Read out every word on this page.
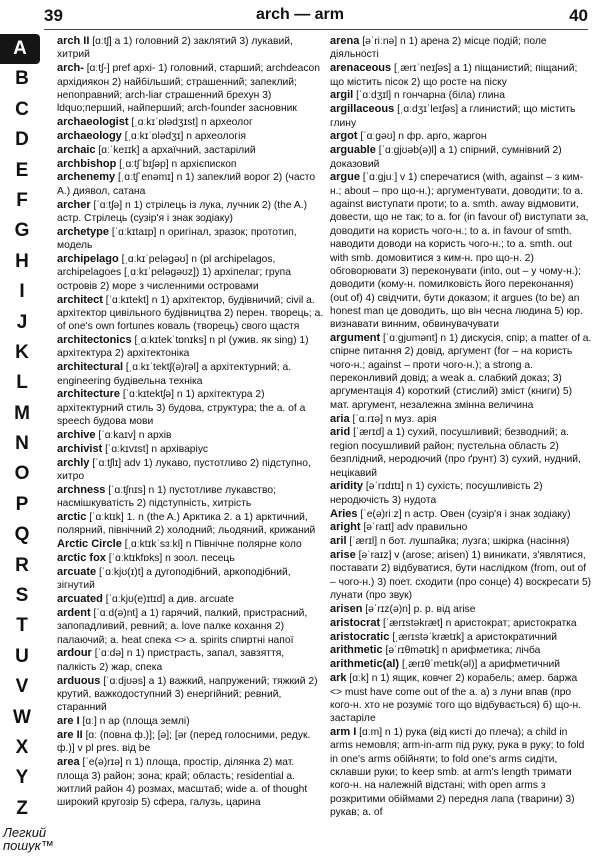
39	arch — arm	40
A
B
C
D
E
F
G
H
I
J
K
L
M
N
O
P
Q
R
S
T
U
V
W
X
Y
Z
arch II [ɑːtʃ] a 1) головний 2) заклятий 3) лукавий, хитрий
arch- [ɑːtʃ-] pref архі- 1) головний, старший; archdeacon архідиякон 2) найбільший; страшенний; запеклий; непоправний; arch-liar страшенний брехун 3) ldquo;перший, найперший; arch-founder засновник
archaeologist [ˌɑːkɪˈɒlədʒɪst] n археолог
archaeology [ˌɑːkɪˈɒlədʒɪ] n археологія
archaic [ɑːˈkeɪɪk] a архаїчний, застарілий
archbishop [ˌɑːtʃˈbɪʃəp] n архієпископ
archenemy [ˌɑːtʃˈenəmɪ] n 1) запеклий ворог 2) (часто A.) диявол, сатана
archer [ˈɑːtʃə] n 1) стрілець із лука, лучник 2) (the A.) астр. Стрілець (сузір'я і знак зодіаку)
archetype [ˈɑːkɪtaɪp] n оригінал, зразок; прототип, модель
archipelago [ˌɑːkɪˈpeləgəʊ] n (pl archipelagos, archipelagoes [ˌɑːkɪˈpeləgəʊz]) 1) архіпелаг; група островів 2) море з численними островами
architect [ˈɑːkɪtekt] n 1) архітектор, будівничий; civil a. архітектор цивільного будівництва 2) перен. творець; a. of one's own fortunes коваль (творець) свого щастя
architectonics [ˌɑːkɪtekˈtɒnɪks] n pl (ужив. як sing) 1) архітектура 2) архітектоніка
architectural [ˌɑːkɪˈtektʃ(ə)rəl] a архітектурний; a. engineering будівельна техніка
architecture [ˈɑːkɪtektʃə] n 1) архітектура 2) архітектурний стиль 3) будова, структура; the a. of a speech будова мови
archive [ˈɑːkaɪv] n архів
archivist [ˈɑːkɪvɪst] n архіваріус
archly [ˈɑːtʃlɪ] adv 1) лукаво, пустотливо 2) підступно, хитро
archness [ˈɑːtʃnɪs] n 1) пустотливе лукавство; насмішкуватість 2) підступність, хитрість
arctic [ˈɑːktɪk] 1. n (the A.) Арктика 2. a 1) арктичний, полярний, північний 2) холодний; льодяний, крижаний
Arctic Circle [ˌɑːktɪkˈsɜːkl] n Північне полярне коло
arctic fox [ˈɑːktɪkfɒks] n зоол. песець
arcuate [ˈɑːkjʊ(ɪ)t] a дугоподібний, аркоподібний, зігнутий
arcuated [ˈɑːkjʊ(e)ɪtɪd] a див. arcuate
ardent [ˈɑːd(ə)nt] a 1) гарячий, палкий, пристрасний, запопадливий, ревний; a. love палке кохання 2) палаючий; a. heat спека <> a. spirits спиртні напої
ardour [ˈɑːdə] n 1) пристрасть, запал, завзяття, палкість 2) жар, спека
arduous [ˈɑːdjʊəs] a 1) важкий, напружений; тяжкий 2) крутий, важкодоступний 3) енергійний; ревний, старанний
are I [ɑː] n ар (площа землі)
are II [ɑː (повна ф.)]; [ə]; [ər (перед голосними, редук. ф.)] v pl pres. від be
area [ˈe(ə)rɪə] n 1) площа, простір, ділянка 2) мат. площа 3) район; зона; край; область; residential a. житлий район 4) розмах, масштаб; wide a. of thought широкий кругозір 5) сфера, галузь, царина
arena [əˈriːnə] n 1) арена 2) місце подій; поле діяльності
arenaceous [ˌærɪˈneɪʃəs] a 1) піщанистий; піщаний; що містить пісок 2) що росте на піску
argil [ˈɑːdʒɪl] n гончарна (біла) глина
argillaceous [ˌɑːdʒɪˈleɪʃəs] a глинистий; що містить глину
argot [ˈɑːgəʊ] n фр. арго, жаргон
arguable [ˈɑːgjʊəb(ə)l] a 1) спірний, сумнівний 2) доказовий
argue [ˈɑːgjuː] v 1) сперечатися (with, against – з ким-н.; about – про що-н.); аргументувати, доводити; to a. against виступати проти; to a. smth. away відмовити, довести, що не так; to a. for (in favour of) виступати за, доводити на користь чого-н.; to a. in favour of smth. наводити доводи на користь чого-н.; to a. smth. out with smb. домовитися з ким-н. про що-н. 2) обговорювати 3) переконувати (into, out – у чому-н.); доводити (кому-н. помилковість його переконання) (out of) 4) свідчити, бути доказом; it argues (to be) an honest man це доводить, що він чесна людина 5) юр. визнавати винним, обвинувачувати
argument [ˈɑːgjʊmənt] n 1) дискусія, спір; a matter of a. спірне питання 2) довід, аргумент (for – на користь чого-н.; against – проти чого-н.); a strong a. переконливий довід; a weak a. слабкий доказ; 3) аргументація 4) короткий (стислий) зміст (книги) 5) мат. аргумент, незалежна змінна величина
aria [ˈɑːrɪə] n муз. арія
arid [ˈærɪd] a 1) сухий, посушливий; безводний; a. region посушливий район; пустельна область 2) безплідний, неродючий (про ґрунт) 3) сухий, нудний, нецікавий
aridity [əˈrɪdɪtɪ] n 1) сухість; посушливість 2) неродючість 3) нудота
Aries [ˈe(ə)riːz] n астр. Овен (сузір'я і знак зодіаку)
aright [əˈraɪt] adv правильно
aril [ˈærɪl] n бот. лушпайка; лузга; шкірка (насіння)
arise [əˈraɪz] v (arose; arisen) 1) виникати, з'являтися, поставати 2) відбуватися, бути наслідком (from, out of – чого-н.) 3) поет. сходити (про сонце) 4) воскресати 5) лунати (про звук)
arisen [əˈrɪz(ə)n] p. p. від arise
aristocrat [ˈærɪstəkræt] n аристократ; аристократка
aristocratic [ˌærɪstəˈkrætɪk] a аристократичний
arithmetic [əˈrɪθmətɪk] n арифметика; лічба
arithmetic(al) [ˌærɪθˈmetɪk(əl)] a арифметичний
ark [ɑːk] n 1) ящик, ковчег 2) корабель; амер. баржа <> must have come out of the a. a) з луни впав (про кого-н. хто не розуміє того що відбувається) б) що-н. застаріле
arm I [ɑːm] n 1) рука (від кисті до плеча); a child in arms немовля; arm-in-arm під руку, рука в руку; to fold in one's arms обійняти; to fold one's arms сидіти, склавши руки; to keep smb. at arm's length тримати кого-н. на належній відстані; with open arms з розкритими обіймами 2) передня лапа (тварини) 3) рукав; a. of
Легкий
пошук™
